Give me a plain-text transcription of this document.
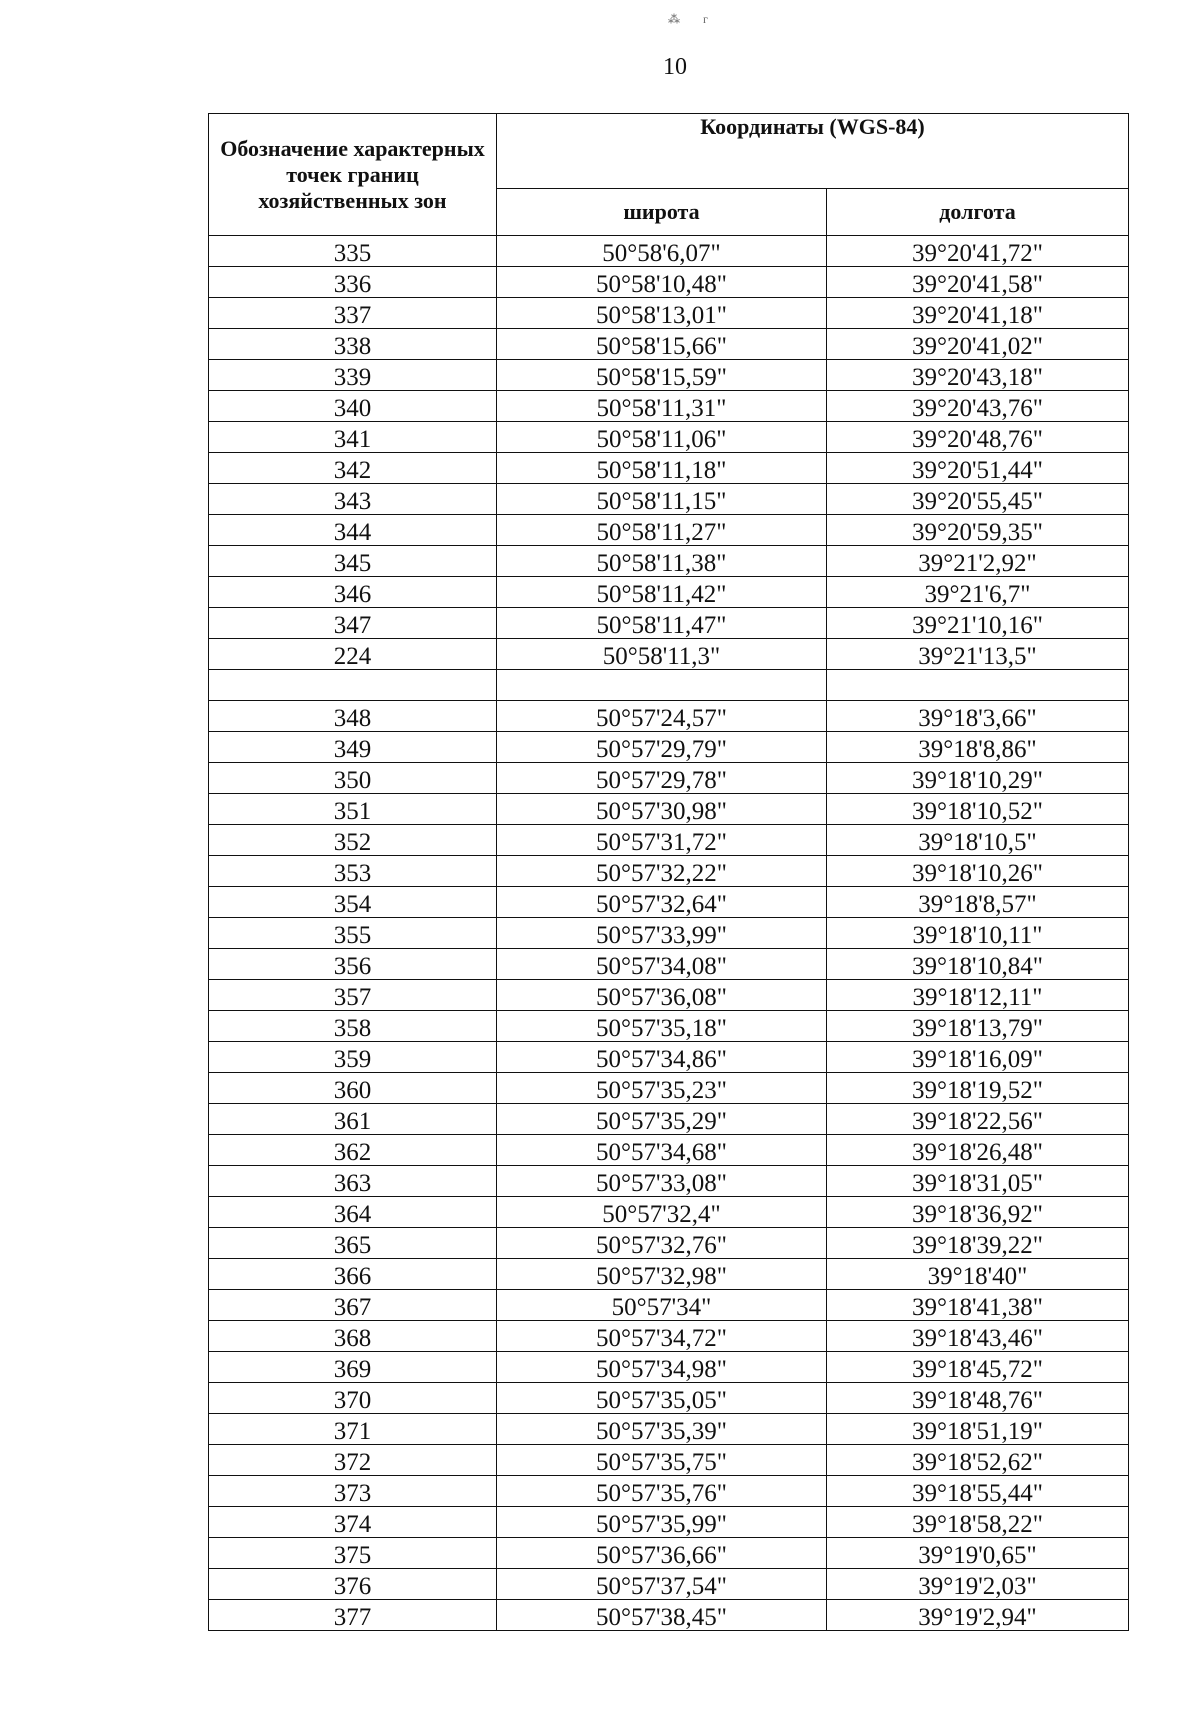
⁂ г
10
Обозначение характерных точек границ хозяйственных зон	Координаты (WGS-84)	
	широта	долгота
335	50°58'6,07"	39°20'41,72"
336	50°58'10,48"	39°20'41,58"
337	50°58'13,01"	39°20'41,18"
338	50°58'15,66"	39°20'41,02"
339	50°58'15,59"	39°20'43,18"
340	50°58'11,31"	39°20'43,76"
341	50°58'11,06"	39°20'48,76"
342	50°58'11,18"	39°20'51,44"
343	50°58'11,15"	39°20'55,45"
344	50°58'11,27"	39°20'59,35"
345	50°58'11,38"	39°21'2,92"
346	50°58'11,42"	39°21'6,7"
347	50°58'11,47"	39°21'10,16"
224	50°58'11,3"	39°21'13,5"

348	50°57'24,57"	39°18'3,66"
349	50°57'29,79"	39°18'8,86"
350	50°57'29,78"	39°18'10,29"
351	50°57'30,98"	39°18'10,52"
352	50°57'31,72"	39°18'10,5"
353	50°57'32,22"	39°18'10,26"
354	50°57'32,64"	39°18'8,57"
355	50°57'33,99"	39°18'10,11"
356	50°57'34,08"	39°18'10,84"
357	50°57'36,08"	39°18'12,11"
358	50°57'35,18"	39°18'13,79"
359	50°57'34,86"	39°18'16,09"
360	50°57'35,23"	39°18'19,52"
361	50°57'35,29"	39°18'22,56"
362	50°57'34,68"	39°18'26,48"
363	50°57'33,08"	39°18'31,05"
364	50°57'32,4"	39°18'36,92"
365	50°57'32,76"	39°18'39,22"
366	50°57'32,98"	39°18'40"
367	50°57'34"	39°18'41,38"
368	50°57'34,72"	39°18'43,46"
369	50°57'34,98"	39°18'45,72"
370	50°57'35,05"	39°18'48,76"
371	50°57'35,39"	39°18'51,19"
372	50°57'35,75"	39°18'52,62"
373	50°57'35,76"	39°18'55,44"
374	50°57'35,99"	39°18'58,22"
375	50°57'36,66"	39°19'0,65"
376	50°57'37,54"	39°19'2,03"
377	50°57'38,45"	39°19'2,94"
